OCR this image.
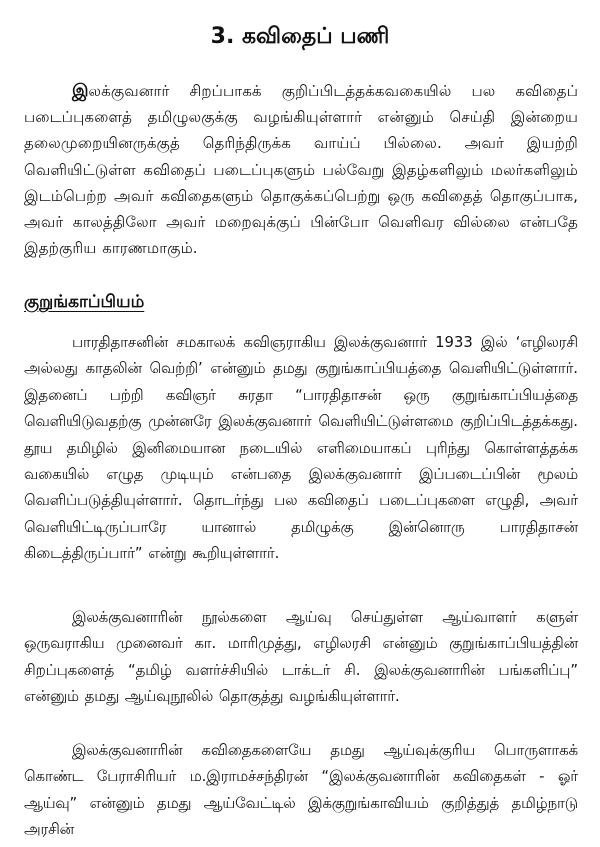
3. கவிதைப் பணி

இலக்குவனார் சிறப்பாகக் குறிப்பிடத்தக்கவகையில் பல கவிதைப் படைப்புகளைத் தமிழுலகுக்கு வழங்கியுள்ளார் என்னும் செய்தி இன்றைய தலைமுறையினருக்குத் தெரிந்திருக்க வாய்ப் பில்லை. அவர் இயற்றி வெளியிட்டுள்ள கவிதைப் படைப்புகளும் பல்வேறு இதழ்களிலும் மலர்களிலும் இடம்பெற்ற அவர் கவிதைகளும் தொகுக்கப்பெற்று ஒரு கவிதைத் தொகுப்பாக, அவர் காலத்திலோ அவர் மறைவுக்குப் பின்போ வெளிவர வில்லை என்பதே இதற்குரிய காரணமாகும்.

குறுங்காப்பியம்

பாரதிதாசனின் சமகாலக் கவிஞராகிய இலக்குவனார் 1933 இல் ‘எழிலரசி அல்லது காதலின் வெற்றி’ என்னும் தமது குறுங்காப்பியத்தை வெளியிட்டுள்ளார். இதனைப் பற்றி கவிஞர் சுரதா “பாரதிதாசன் ஒரு குறுங்காப்பியத்தை வெளியிடுவதற்கு முன்னரே இலக்குவனார் வெளியிட்டுள்ளமை குறிப்பிடத்தக்கது. தூய தமிழில் இனிமையான நடையில் எளிமையாகப் புரிந்து கொள்ளத்தக்க வகையில் எழுத முடியும் என்பதை இலக்குவனார் இப்படைப்பின் மூலம் வெளிப்படுத்தியுள்ளார். தொடர்ந்து பல கவிதைப் படைப்புகளை எழுதி, அவர் வெளியிட்டிருப்பாரே யானால் தமிழுக்கு இன்னொரு பாரதிதாசன் கிடைத்திருப்பார்” என்று கூறியுள்ளார்.

இலக்குவனாரின் நூல்களை ஆய்வு செய்துள்ள ஆய்வாளர் களுள் ஒருவராகிய முனைவர் கா. மாரிமுத்து, எழிலரசி என்னும் குறுங்காப்பியத்தின் சிறப்புகளைத் “தமிழ் வளர்ச்சியில் டாக்டர் சி. இலக்குவனாரின் பங்களிப்பு” என்னும் தமது ஆய்வுநூலில் தொகுத்து வழங்கியுள்ளார்.

இலக்குவனாரின் கவிதைகளையே தமது ஆய்வுக்குரிய பொருளாகக் கொண்ட பேராசிரியர் ம.இராமச்சந்திரன் “இலக்குவனாரின் கவிதைகள் - ஓர் ஆய்வு” என்னும் தமது ஆய்வேட்டில் இக்குறுங்காவியம் குறித்துத் தமிழ்நாடு அரசின்
